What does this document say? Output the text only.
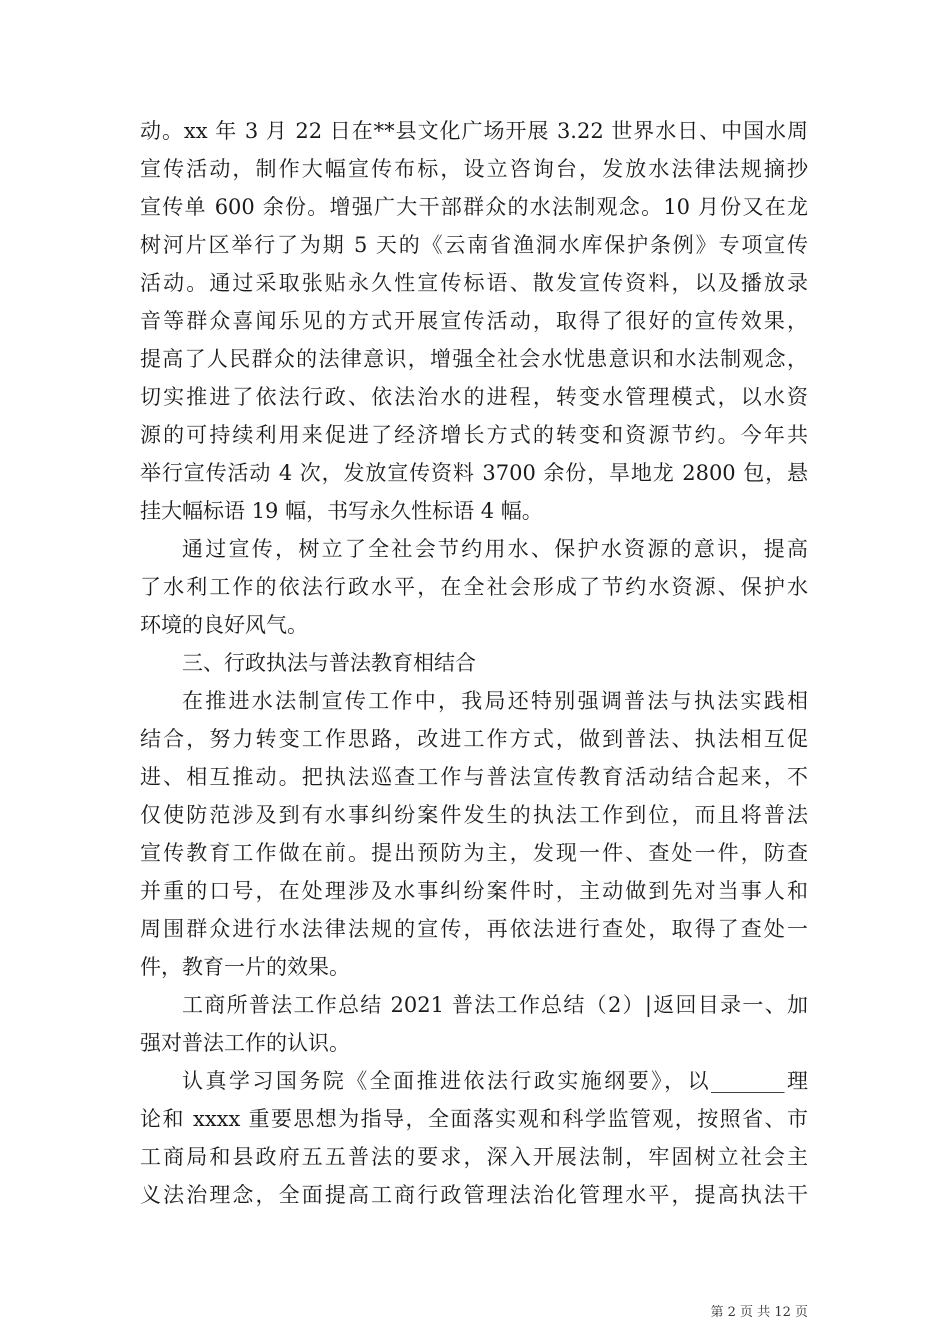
动。xx 年 3 月 22 日在**县文化广场开展 3.22 世界水日、中国水周
宣传活动，制作大幅宣传布标，设立咨询台，发放水法律法规摘抄
宣传单 600 余份。增强广大干部群众的水法制观念。10 月份又在龙
树河片区举行了为期 5 天的《云南省渔洞水库保护条例》专项宣传
活动。通过采取张贴永久性宣传标语、散发宣传资料，以及播放录
音等群众喜闻乐见的方式开展宣传活动，取得了很好的宣传效果，
提高了人民群众的法律意识，增强全社会水忧患意识和水法制观念，
切实推进了依法行政、依法治水的进程，转变水管理模式，以水资
源的可持续利用来促进了经济增长方式的转变和资源节约。今年共
举行宣传活动 4 次，发放宣传资料 3700 余份，旱地龙 2800 包，悬
挂大幅标语 19 幅，书写永久性标语 4 幅。
通过宣传，树立了全社会节约用水、保护水资源的意识，提高
了水利工作的依法行政水平，在全社会形成了节约水资源、保护水
环境的良好风气。
三、行政执法与普法教育相结合
在推进水法制宣传工作中，我局还特别强调普法与执法实践相
结合，努力转变工作思路，改进工作方式，做到普法、执法相互促
进、相互推动。把执法巡查工作与普法宣传教育活动结合起来，不
仅使防范涉及到有水事纠纷案件发生的执法工作到位，而且将普法
宣传教育工作做在前。提出预防为主，发现一件、查处一件，防查
并重的口号，在处理涉及水事纠纷案件时，主动做到先对当事人和
周围群众进行水法律法规的宣传，再依法进行查处，取得了查处一
件，教育一片的效果。
工商所普法工作总结 2021 普法工作总结（2）|返回目录一、加
强对普法工作的认识。
认真学习国务院《全面推进依法行政实施纲要》，以_______理
论和 xxxx 重要思想为指导，全面落实观和科学监管观，按照省、市
工商局和县政府五五普法的要求，深入开展法制，牢固树立社会主
义法治理念，全面提高工商行政管理法治化管理水平，提高执法干
第 2 页 共 12 页
